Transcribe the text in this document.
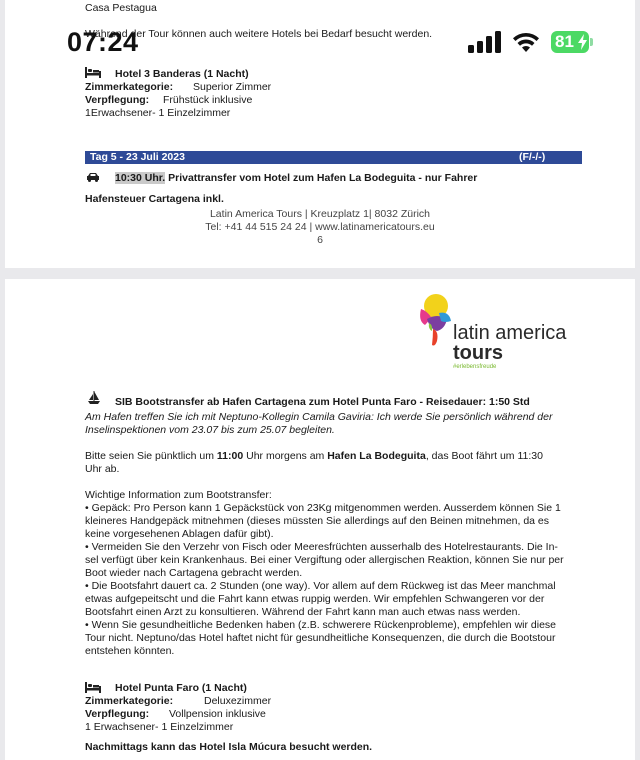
Casa Pestagua
Während der Tour können auch weitere Hotels bei Bedarf besucht werden.
Hotel 3 Banderas (1 Nacht)
Zimmerkategorie: Superior Zimmer
Verpflegung: Frühstück inklusive
1Erwachsener- 1 Einzelzimmer
Tag 5 - 23 Juli 2023	(F/-/-)
10:30 Uhr. Privattransfer vom Hotel zum Hafen La Bodeguita - nur Fahrer
Hafensteuer Cartagena inkl.
Latin America Tours | Kreuzplatz 1| 8032 Zürich
Tel: +41 44 515 24 24 | www.latinamericatours.eu
6
07:24	81
latin america
tours
#erlebensfreude
SIB Bootstransfer ab Hafen Cartagena zum Hotel Punta Faro - Reisedauer: 1:50 Std
Am Hafen treffen Sie ich mit Neptuno-Kollegin Camila Gaviria: Ich werde Sie persönlich während der
Inselinspektionen vom 23.07 bis zum 25.07 begleiten.
Bitte seien Sie pünktlich um 11:00 Uhr morgens am Hafen La Bodeguita, das Boot fährt um 11:30
Uhr ab.
Wichtige Information zum Bootstransfer:
• Gepäck: Pro Person kann 1 Gepäckstück von 23Kg mitgenommen werden. Ausserdem können Sie 1
kleineres Handgepäck mitnehmen (dieses müssten Sie allerdings auf den Beinen mitnehmen, da es
keine vorgesehenen Ablagen dafür gibt).
• Vermeiden Sie den Verzehr von Fisch oder Meeresfrüchten ausserhalb des Hotelrestaurants. Die In-
sel verfügt über kein Krankenhaus. Bei einer Vergiftung oder allergischen Reaktion, können Sie nur per
Boot wieder nach Cartagena gebracht werden.
• Die Bootsfahrt dauert ca. 2 Stunden (one way). Vor allem auf dem Rückweg ist das Meer manchmal
etwas aufgepeitscht und die Fahrt kann etwas ruppig werden. Wir empfehlen Schwangeren vor der
Bootsfahrt einen Arzt zu konsultieren. Während der Fahrt kann man auch etwas nass werden.
• Wenn Sie gesundheitliche Bedenken haben (z.B. schwerere Rückenprobleme), empfehlen wir diese
Tour nicht. Neptuno/das Hotel haftet nicht für gesundheitliche Konsequenzen, die durch die Bootstour
entstehen könnten.
Hotel Punta Faro (1 Nacht)
Zimmerkategorie:	Deluxezimmer
Verpflegung: Vollpension inklusive
1 Erwachsener- 1 Einzelzimmer
Nachmittags kann das Hotel Isla Múcura besucht werden.
